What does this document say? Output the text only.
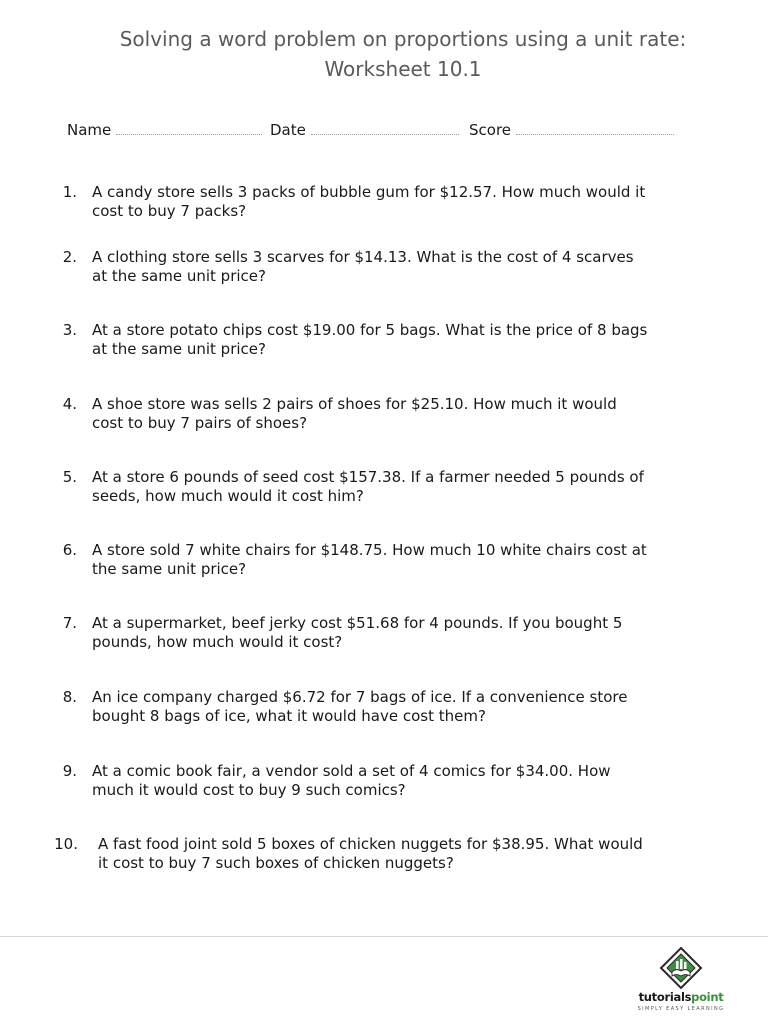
Solving a word problem on proportions using a unit rate:
Worksheet 10.1
Name	Date	Score
1. A candy store sells 3 packs of bubble gum for $12.57. How much would it
cost to buy 7 packs?
2. A clothing store sells 3 scarves for $14.13. What is the cost of 4 scarves
at the same unit price?
3. At a store potato chips cost $19.00 for 5 bags. What is the price of 8 bags
at the same unit price?
4. A shoe store was sells 2 pairs of shoes for $25.10. How much it would
cost to buy 7 pairs of shoes?
5. At a store 6 pounds of seed cost $157.38. If a farmer needed 5 pounds of
seeds, how much would it cost him?
6. A store sold 7 white chairs for $148.75. How much 10 white chairs cost at
the same unit price?
7. At a supermarket, beef jerky cost $51.68 for 4 pounds. If you bought 5
pounds, how much would it cost?
8. An ice company charged $6.72 for 7 bags of ice. If a convenience store
bought 8 bags of ice, what it would have cost them?
9. At a comic book fair, a vendor sold a set of 4 comics for $34.00. How
much it would cost to buy 9 such comics?
10. A fast food joint sold 5 boxes of chicken nuggets for $38.95. What would
it cost to buy 7 such boxes of chicken nuggets?
tutorialspoint
SIMPLY EASY LEARNING
